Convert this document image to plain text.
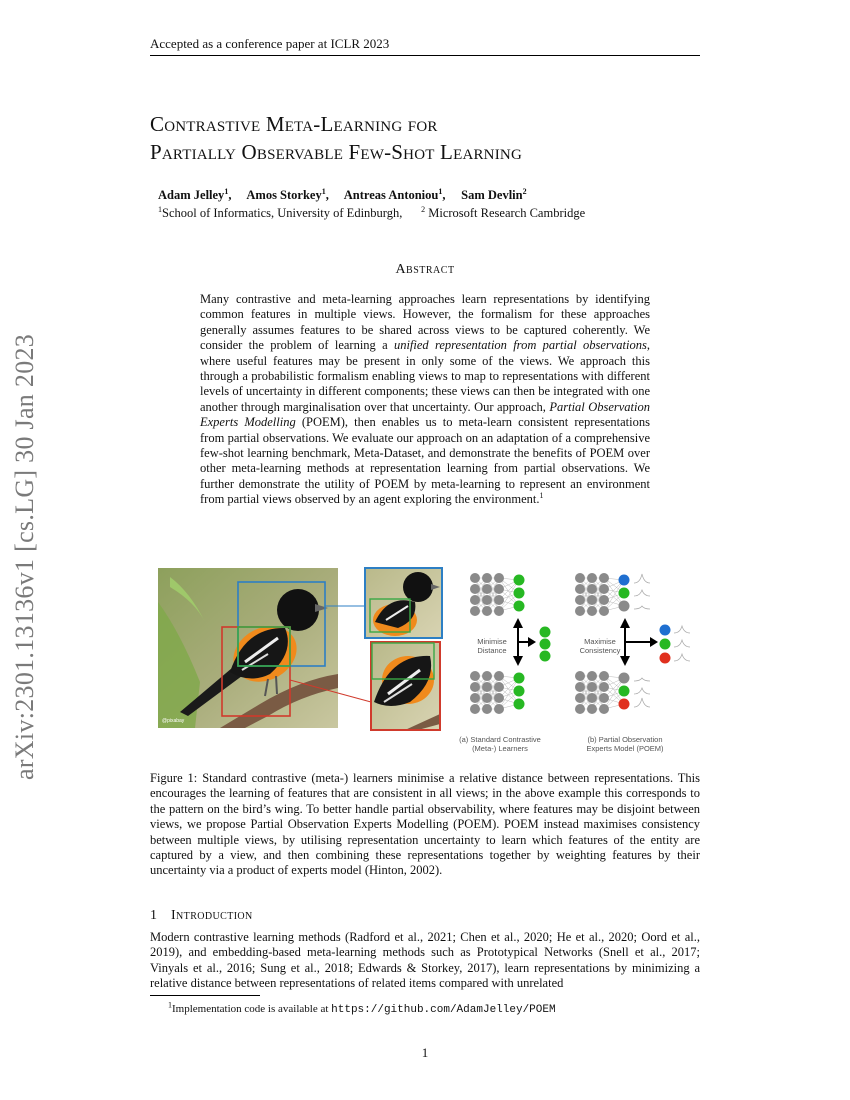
Accepted as a conference paper at ICLR 2023
arXiv:2301.13136v1 [cs.LG] 30 Jan 2023
Contrastive Meta-Learning for
Partially Observable Few-Shot Learning
Adam Jelley$^1$,     Amos Storkey$^1$,     Antreas Antoniou$^1$,     Sam Devlin$^2$
$^1$School of Informatics, University of Edinburgh, $^2$ Microsoft Research Cambridge
Abstract

Many contrastive and meta-learning approaches learn representations by identifying common features in multiple views. However, the formalism for these approaches generally assumes features to be shared across views to be captured coherently. We consider the problem of learning a unified representation from partial observations, where useful features may be present in only some of the views. We approach this through a probabilistic formalism enabling views to map to representations with different levels of uncertainty in different components; these views can then be integrated with one another through marginalisation over that uncertainty. Our approach, Partial Observation Experts Modelling (POEM), then enables us to meta-learn consistent representations from partial observations. We evaluate our approach on an adaptation of a comprehensive few-shot learning benchmark, Meta-Dataset, and demonstrate the benefits of POEM over other meta-learning methods at representation learning from partial observations. We further demonstrate the utility of POEM by meta-learning to represent an environment from partial views observed by an agent exploring the environment.$^1$

@pixabay
Minimise
Distance
Maximise
Consistency
(a) Standard Contrastive
(Meta-) Learners
(b) Partial Observation
Experts Model (POEM)

Figure 1: Standard contrastive (meta-) learners minimise a relative distance between representations. This encourages the learning of features that are consistent in all views; in the above example this corresponds to the pattern on the bird’s wing. To better handle partial observability, where features may be disjoint between views, we propose Partial Observation Experts Modelling (POEM). POEM instead maximises consistency between multiple views, by utilising representation uncertainty to learn which features of the entity are captured by a view, and then combining these representations together by weighting features by their uncertainty via a product of experts model (Hinton, 2002).

1 Introduction

Modern contrastive learning methods (Radford et al., 2021; Chen et al., 2020; He et al., 2020; Oord et al., 2019), and embedding-based meta-learning methods such as Prototypical Networks (Snell et al., 2017; Vinyals et al., 2016; Sung et al., 2018; Edwards & Storkey, 2017), learn representations by minimizing a relative distance between representations of related items compared with unrelated

$^1$Implementation code is available at https://github.com/AdamJelley/POEM
1
